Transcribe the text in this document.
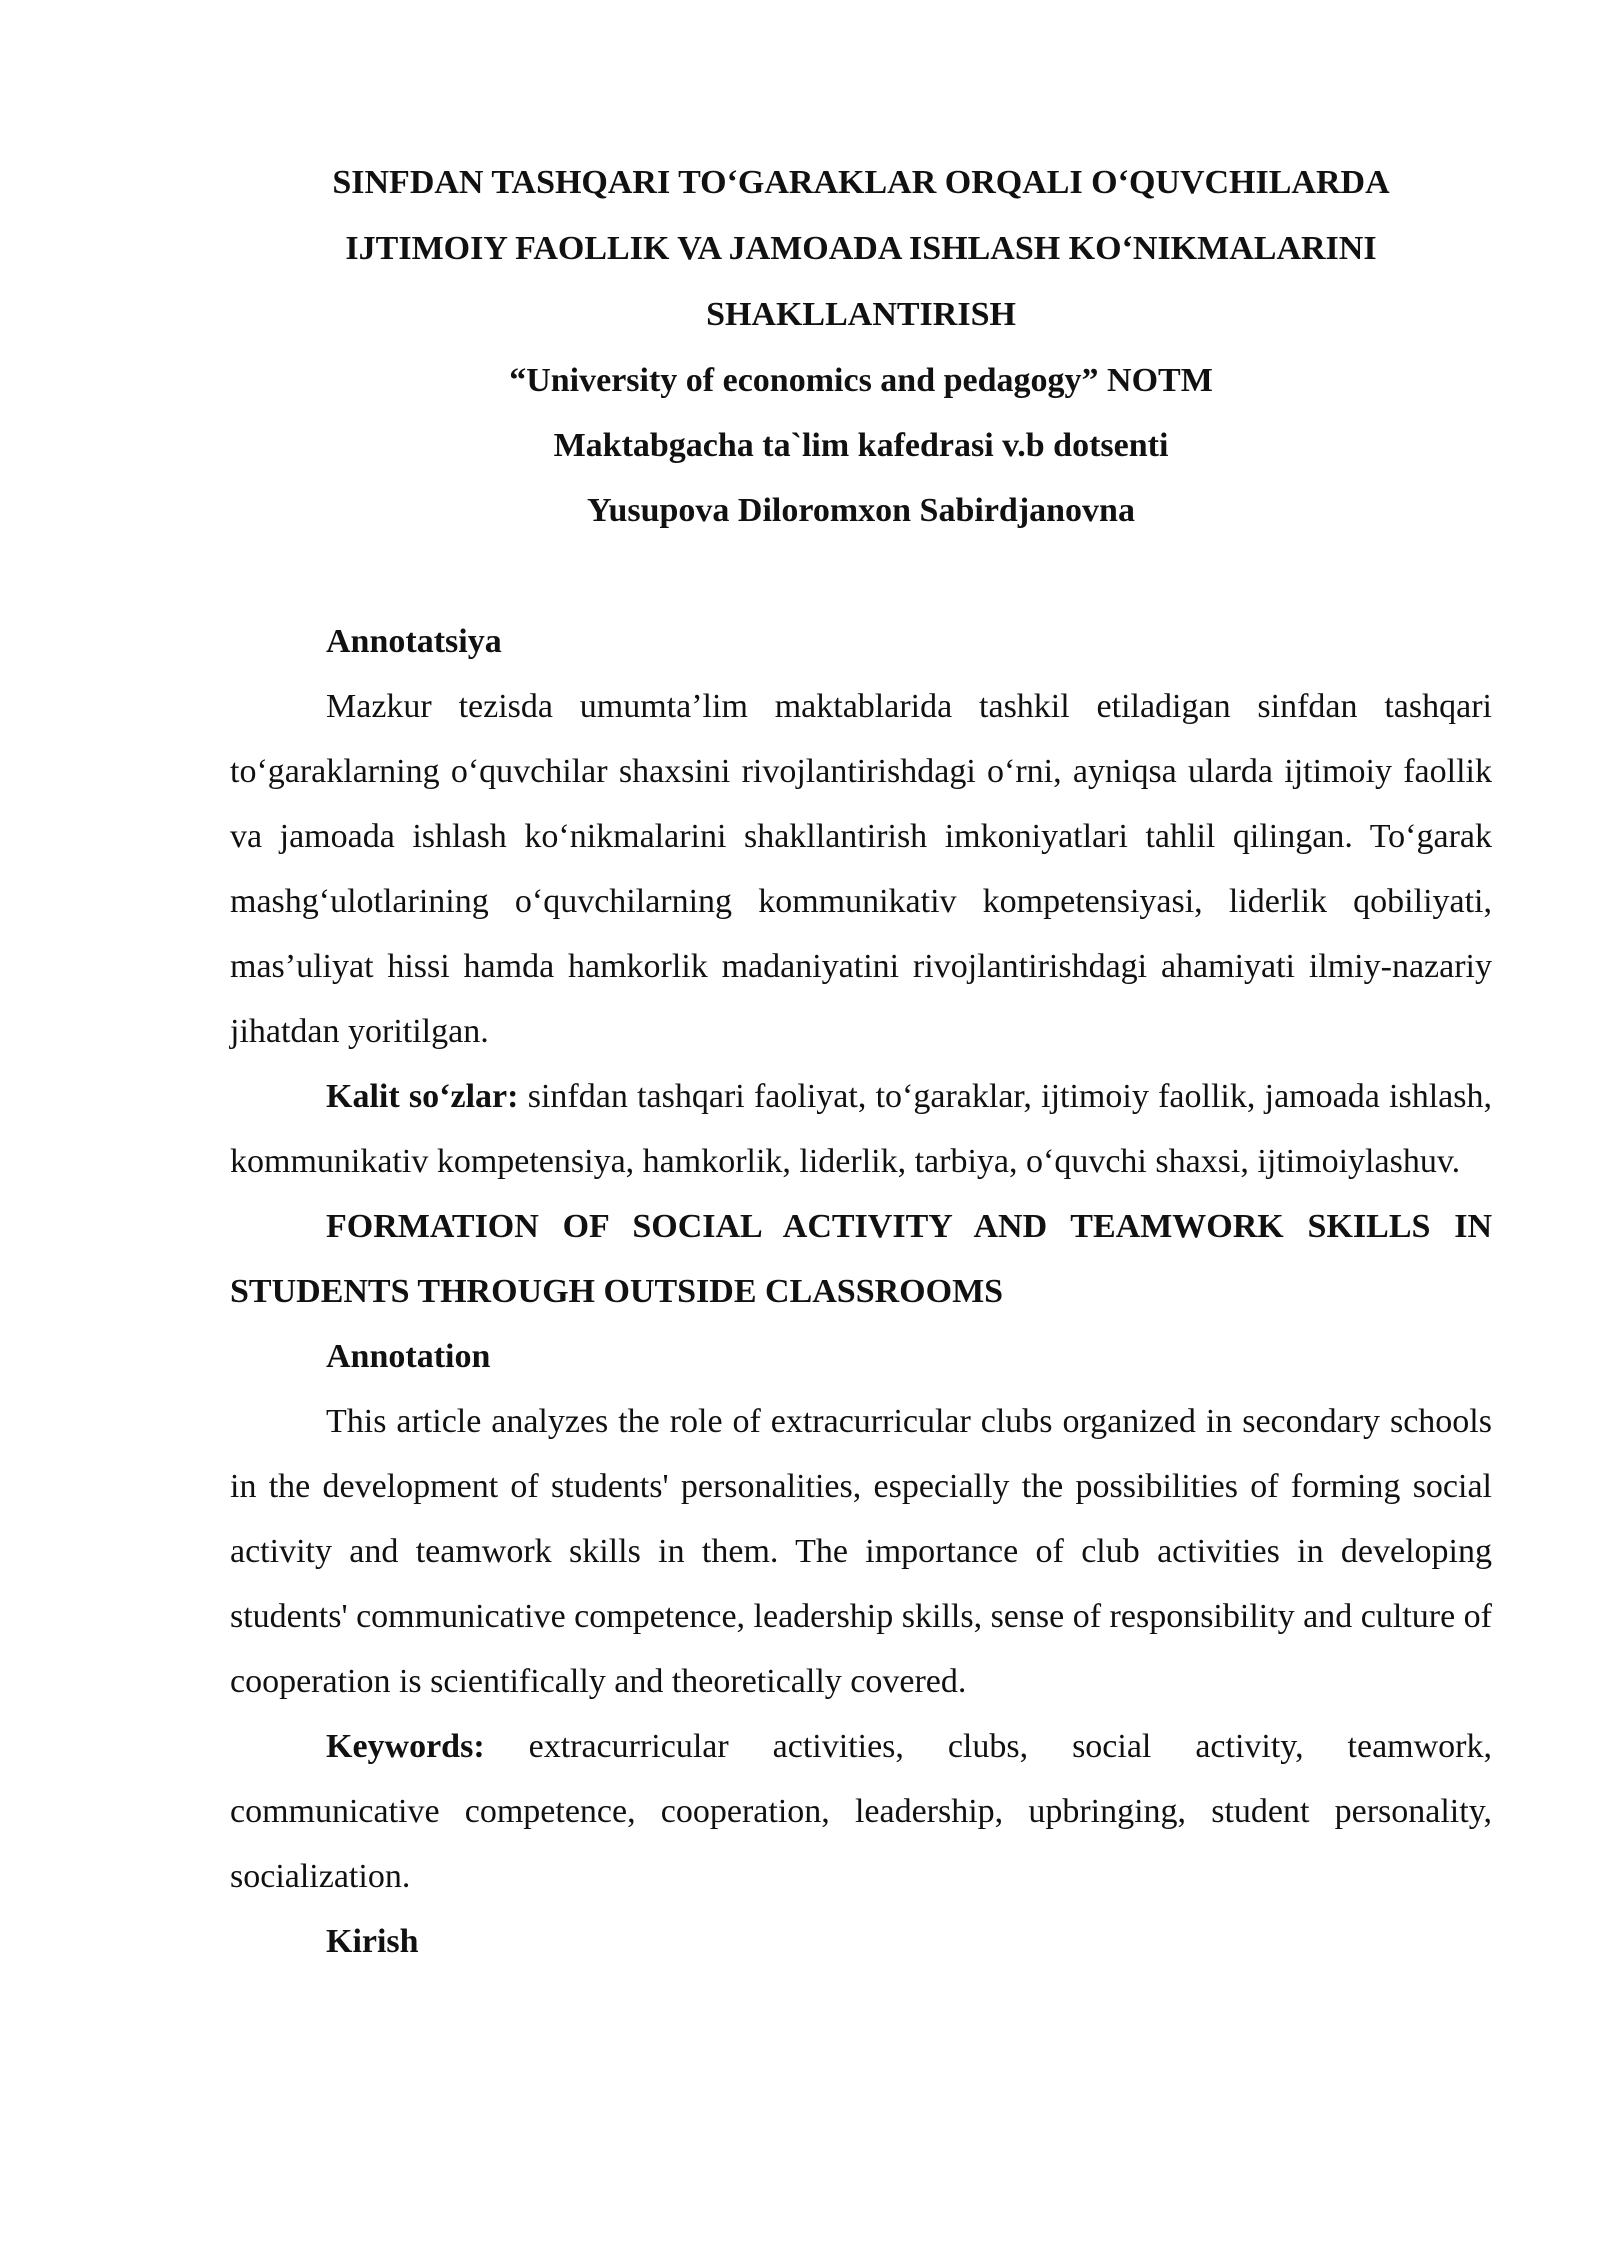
SINFDAN TASHQARI TO‘GARAKLAR ORQALI O‘QUVCHILARDA

IJTIMOIY FAOLLIK VA JAMOADA ISHLASH KO‘NIKMALARINI

SHAKLLANTIRISH

“University of economics and pedagogy” NOTM

Maktabgacha ta`lim kafedrasi v.b dotsenti

Yusupova Diloromxon Sabirdjanovna

Annotatsiya

Mazkur tezisda umumta’lim maktablarida tashkil etiladigan sinfdan tashqari to‘garaklarning o‘quvchilar shaxsini rivojlantirishdagi o‘rni, ayniqsa ularda ijtimoiy faollik va jamoada ishlash ko‘nikmalarini shakllantirish imkoniyatlari tahlil qilingan. To‘garak mashg‘ulotlarining o‘quvchilarning kommunikativ kompetensiyasi, liderlik qobiliyati, mas’uliyat hissi hamda hamkorlik madaniyatini rivojlantirishdagi ahamiyati ilmiy-nazariy jihatdan yoritilgan.

Kalit so‘zlar: sinfdan tashqari faoliyat, to‘garaklar, ijtimoiy faollik, jamoada ishlash, kommunikativ kompetensiya, hamkorlik, liderlik, tarbiya, o‘quvchi shaxsi, ijtimoiylashuv.

FORMATION OF SOCIAL ACTIVITY AND TEAMWORK SKILLS IN STUDENTS THROUGH OUTSIDE CLASSROOMS

Annotation

This article analyzes the role of extracurricular clubs organized in secondary schools in the development of students' personalities, especially the possibilities of forming social activity and teamwork skills in them. The importance of club activities in developing students' communicative competence, leadership skills, sense of responsibility and culture of cooperation is scientifically and theoretically covered.

Keywords: extracurricular activities, clubs, social activity, teamwork, communicative competence, cooperation, leadership, upbringing, student personality, socialization.

Kirish
